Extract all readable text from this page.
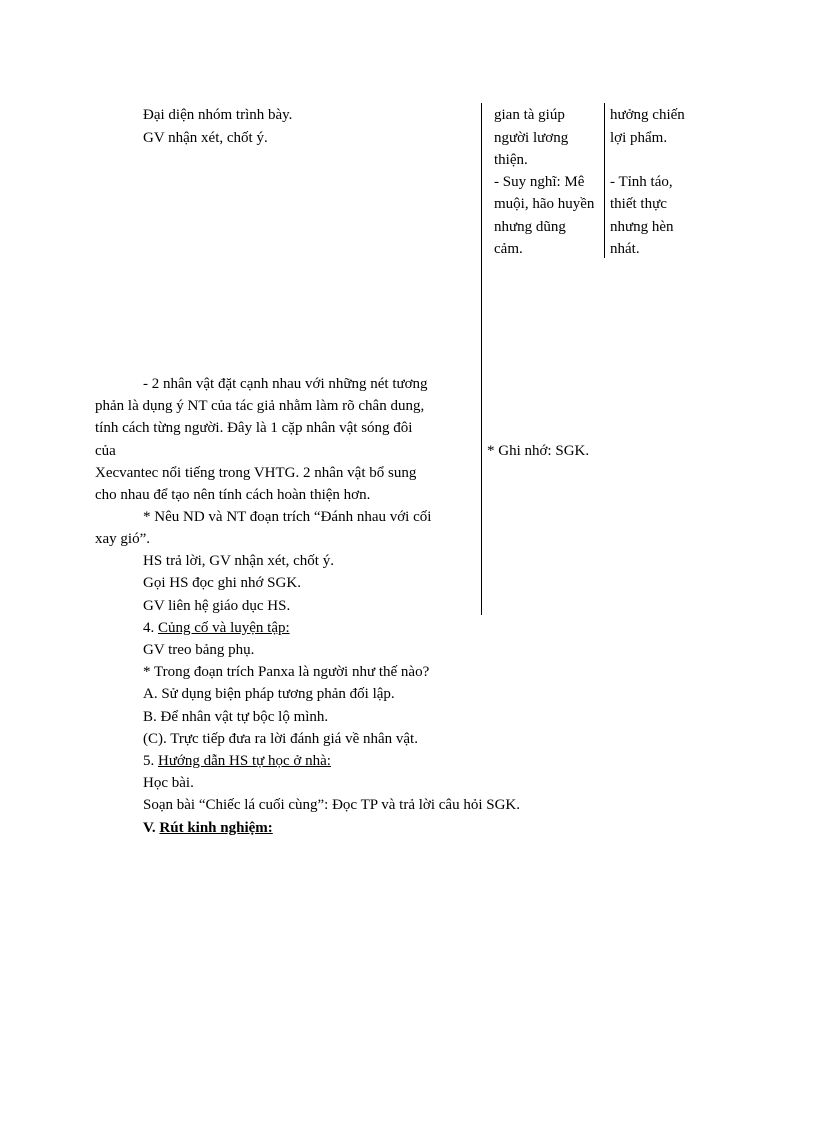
Đại diện nhóm trình bày.
GV nhận xét, chốt ý.
gian tà giúp
người lương
thiện.
- Suy nghĩ: Mê
muội, hão huyền
nhưng dũng
cảm.
hưởng chiến
lợi phẩm.
- Tỉnh táo,
thiết thực
nhưng hèn
nhát.
- 2 nhân vật đặt cạnh nhau với những nét tương
phản là dụng ý NT của tác giả nhằm làm rõ chân dung,
tính cách từng người. Đây là 1 cặp nhân vật sóng đôi
của
Xecvantec nổi tiếng trong VHTG. 2 nhân vật bổ sung
cho nhau để tạo nên tính cách hoàn thiện hơn.
* Nêu ND và NT đoạn trích “Đánh nhau với cối
xay gió”.
HS trả lời, GV nhận xét, chốt ý.
Gọi HS đọc ghi nhớ SGK.
GV liên hệ giáo dục HS.
* Ghi nhớ: SGK.
4. Củng cố và luyện tập:
GV treo bảng phụ.
* Trong đoạn trích Panxa là người như thế nào?
A. Sử dụng biện pháp tương phản đối lập.
B. Để nhân vật tự bộc lộ mình.
(C). Trực tiếp đưa ra lời đánh giá về nhân vật.
5. Hướng dẫn HS tự học ở nhà:
Học bài.
Soạn bài “Chiếc lá cuối cùng”: Đọc TP và trả lời câu hỏi SGK.
V. Rút kinh nghiệm:
